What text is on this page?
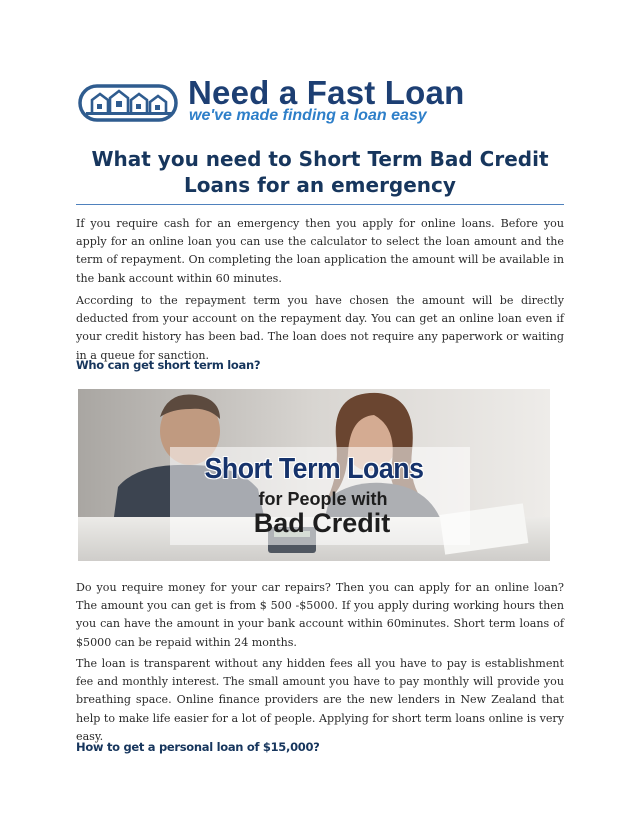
Need a Fast Loan
we've made finding a loan easy
What you need to Short Term Bad Credit
Loans for an emergency

If you require cash for an emergency then you apply for online loans. Before you apply for an online loan you can use the calculator to select the loan amount and the term of repayment. On completing the loan application the amount will be available in the bank account within 60 minutes.

According to the repayment term you have chosen the amount will be directly deducted from your account on the repayment day. You can get an online loan even if your credit history has been bad. The loan does not require any paperwork or waiting in a queue for sanction.

Who can get short term loan?
Short Term Loans
for People with
Bad Credit

Do you require money for your car repairs? Then you can apply for an online loan? The amount you can get is from $ 500 -$5000. If you apply during working hours then you can have the amount in your bank account within 60minutes. Short term loans of $5000 can be repaid within 24 months.

The loan is transparent without any hidden fees all you have to pay is establishment fee and monthly interest. The small amount you have to pay monthly will provide you breathing space. Online finance providers are the new lenders in New Zealand that help to make life easier for a lot of people. Applying for short term loans online is very easy.

How to get a personal loan of $15,000?
